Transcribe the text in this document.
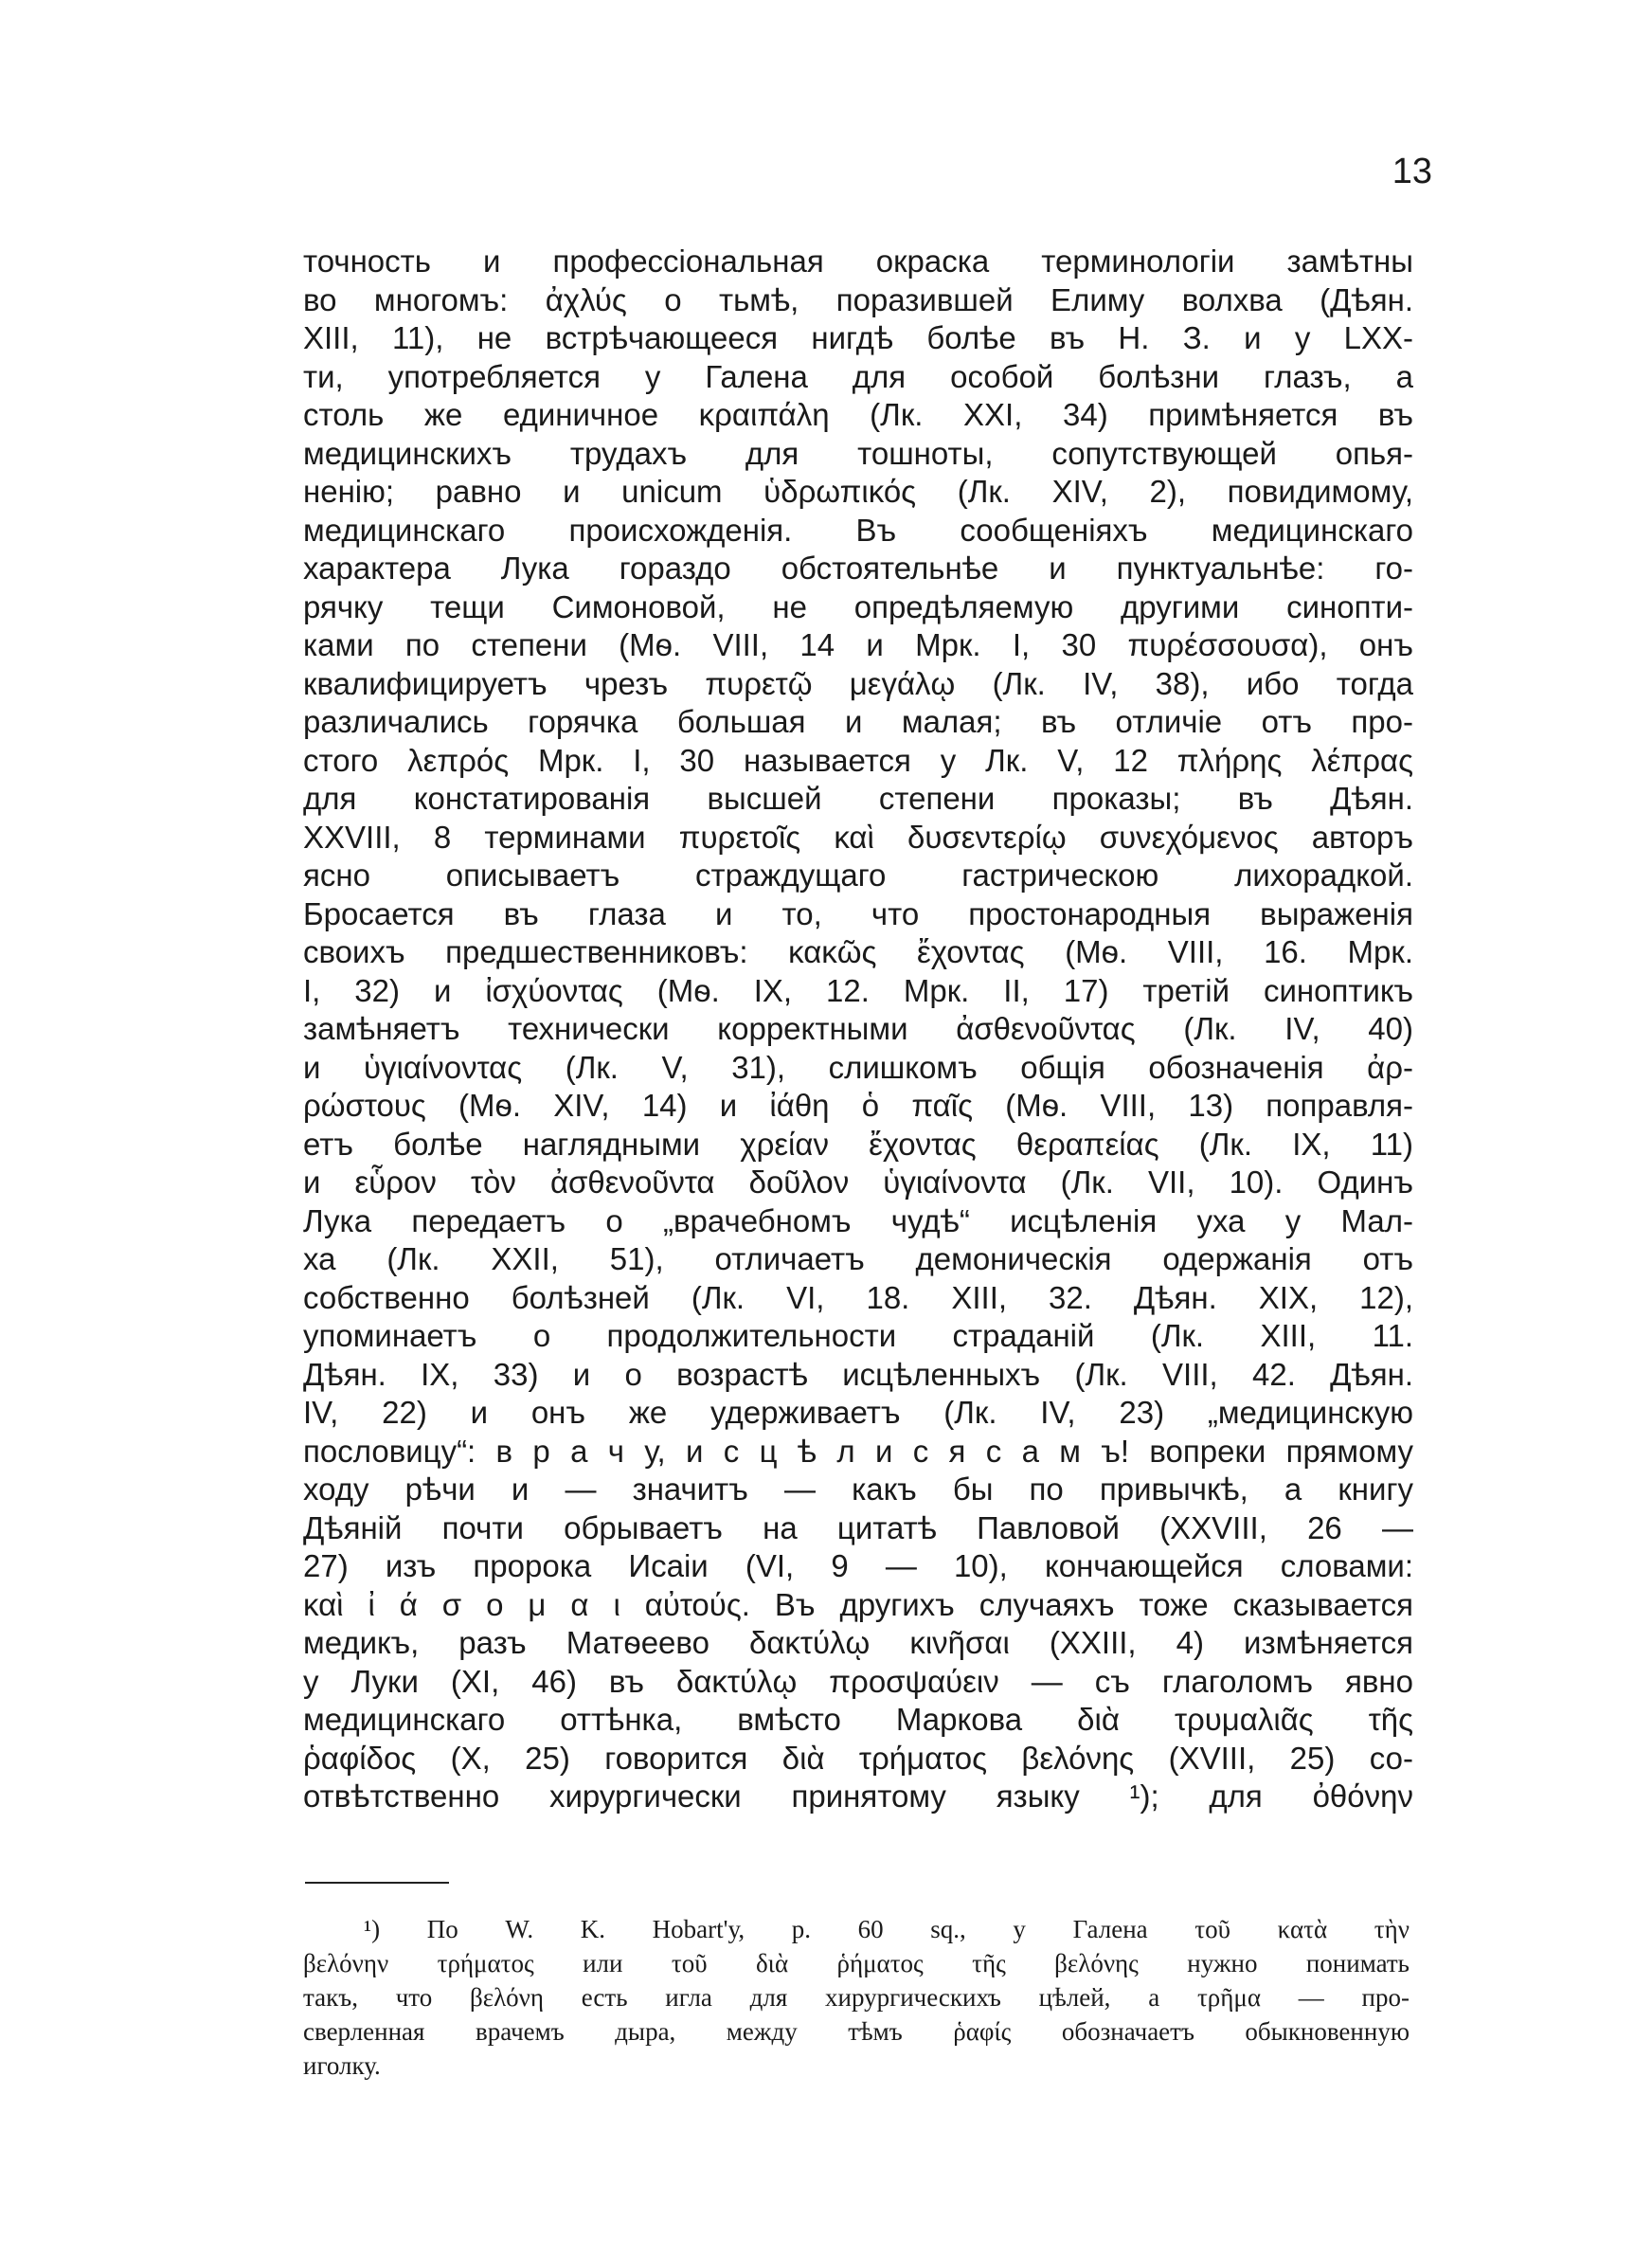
13
точность и профессiональная окраска терминологiи замѣтны
во многомъ: ἀχλύς о тьмѣ, поразившей Елиму волхва (Дѣян.
XIII, 11), не встрѣчающееся нигдѣ болѣе въ Н. З. и у LXX-
ти, употребляется у Галена для особой болѣзни глазъ, а
столь же единичное κραιπάλη (Лк. XXI, 34) примѣняется въ
медицинскихъ трудахъ для тошноты, сопутствующей опья-
ненiю; равно и unicum ὑδρωπικός (Лк. XIV, 2), повидимому,
медицинскаго происхожденiя. Въ сообщенiяхъ медицинскаго
характера Лука гораздо обстоятельнѣе и пунктуальнѣе: го-
рячку тещи Симоновой, не опредѣляемую другими синопти-
ками по степени (Мѳ. VIII, 14 и Мрк. I, 30 πυρέσσουσα), онъ
квалифицируетъ чрезъ πυρετῷ μεγάλῳ (Лк. IV, 38), ибо тогда
различались горячка большая и малая; въ отличiе отъ про-
стого λεπρός Мрк. I, 30 называется у Лк. V, 12 πλήρης λέπρας
для констатированiя высшей степени проказы; въ Дѣян.
XXVIII, 8 терминами πυρετοῖς καὶ δυσεντερίῳ συνεχόμενος авторъ
ясно описываетъ страждущаго гастрическою лихорадкой.
Бросается въ глаза и то, что простонародныя выраженiя
своихъ предшественниковъ: κακῶς ἔχοντας (Мѳ. VIII, 16. Мрк.
I, 32) и ἰσχύοντας (Мѳ. IX, 12. Мрк. II, 17) третiй синоптикъ
замѣняетъ технически корректными ἀσθενοῦντας (Лк. IV, 40)
и ὑγιαίνοντας (Лк. V, 31), слишкомъ общiя обозначенiя ἀρ-
ρώστους (Мѳ. XIV, 14) и ἰάθη ὁ παῖς (Мѳ. VIII, 13) поправля-
етъ болѣе наглядными χρείαν ἔχοντας θεραπείας (Лк. IX, 11)
и εὗρον τὸν ἀσθενοῦντα δοῦλον ὑγιαίνοντα (Лк. VII, 10). Одинъ
Лука передаетъ о „врачебномъ чудѣ“ исцѣленiя уха у Мал-
ха (Лк. XXII, 51), отличаетъ демоническiя одержанiя отъ
собственно болѣзней (Лк. VI, 18. XIII, 32. Дѣян. XIX, 12),
упоминаетъ о продолжительности страданiй (Лк. XIII, 11.
Дѣян. IX, 33) и о возрастѣ исцѣленныхъ (Лк. VIII, 42. Дѣян.
IV, 22) и онъ же удерживаетъ (Лк. IV, 23) „медицинскую
пословицу“: в р а ч у, и с ц ѣ л и с я с а м ъ! вопреки прямому
ходу рѣчи и — значитъ — какъ бы по привычкѣ, а книгу
Дѣянiй почти обрываетъ на цитатѣ Павловой (XXVIII, 26 —
27) изъ пророка Исаiи (VI, 9 — 10), кончающейся словами:
καὶ ἰ ά σ ο μ α ι αὐτούς. Въ другихъ случаяхъ тоже сказывается
медикъ, разъ Матѳеево δακτύλῳ κινῆσαι (XXIII, 4) измѣняется
у Луки (XI, 46) въ δακτύλῳ προσψαύειν — съ глаголомъ явно
медицинскаго оттѣнка, вмѣсто Маркова διὰ τρυμαλιᾶς τῆς
ῥαφίδος (X, 25) говорится διὰ τρήματος βελόνης (XVIII, 25) со-
отвѣтственно хирургически принятому языку ¹); для ὀθόνην
¹) По W. K. Hobart'у, p. 60 sq., у Галена τοῦ κατὰ τὴν
βελόνην τρήματος или τοῦ διὰ ῥήματος τῆς βελόνης нужно понимать
такъ, что βελόνη есть игла для хирургическихъ цѣлей, а τρῆμα — про-
сверленная врачемъ дыра, между тѣмъ ῥαφίς обозначаетъ обыкновенную
иголку.
